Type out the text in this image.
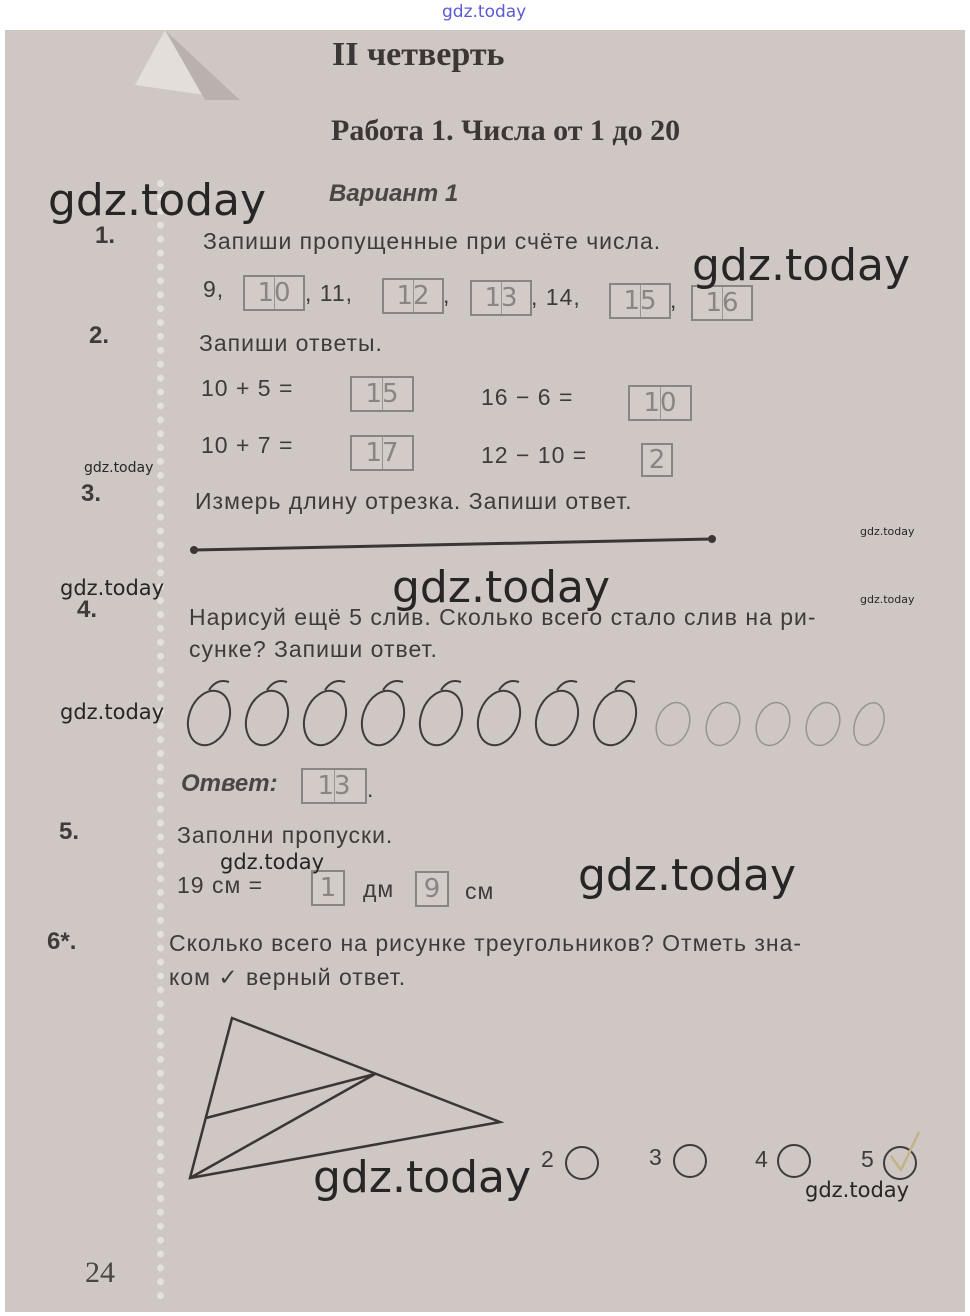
gdz.today
II четверть
Работа 1. Числа от 1 до 20
Вариант 1
1.	Запиши пропущенные при счёте числа.
9,	10 , 11,	12 ,	13 , 14,	15 ,	16
2.	Запиши ответы.
10 + 5 =	15	16 − 6 =	10
10 + 7 =	17	12 − 10 = 2
3.	Измерь длину отрезка. Запиши ответ.
4.	Нарисуй ещё 5 слив. Сколько всего стало слив на ри-
сунке? Запиши ответ.
Ответ:	13 .
5.	Заполни пропуски.
19 см =	1	дм	9	см
6*.	Сколько всего на рисунке треугольников? Отметь зна-
ком ✓ верный ответ.
2	3	4	5
24
gdz.today
gdz.today
gdz.today
gdz.today
gdz.today	gdz.today	gdz.today
gdz.today
gdz.today	gdz.today
gdz.today	gdz.today
